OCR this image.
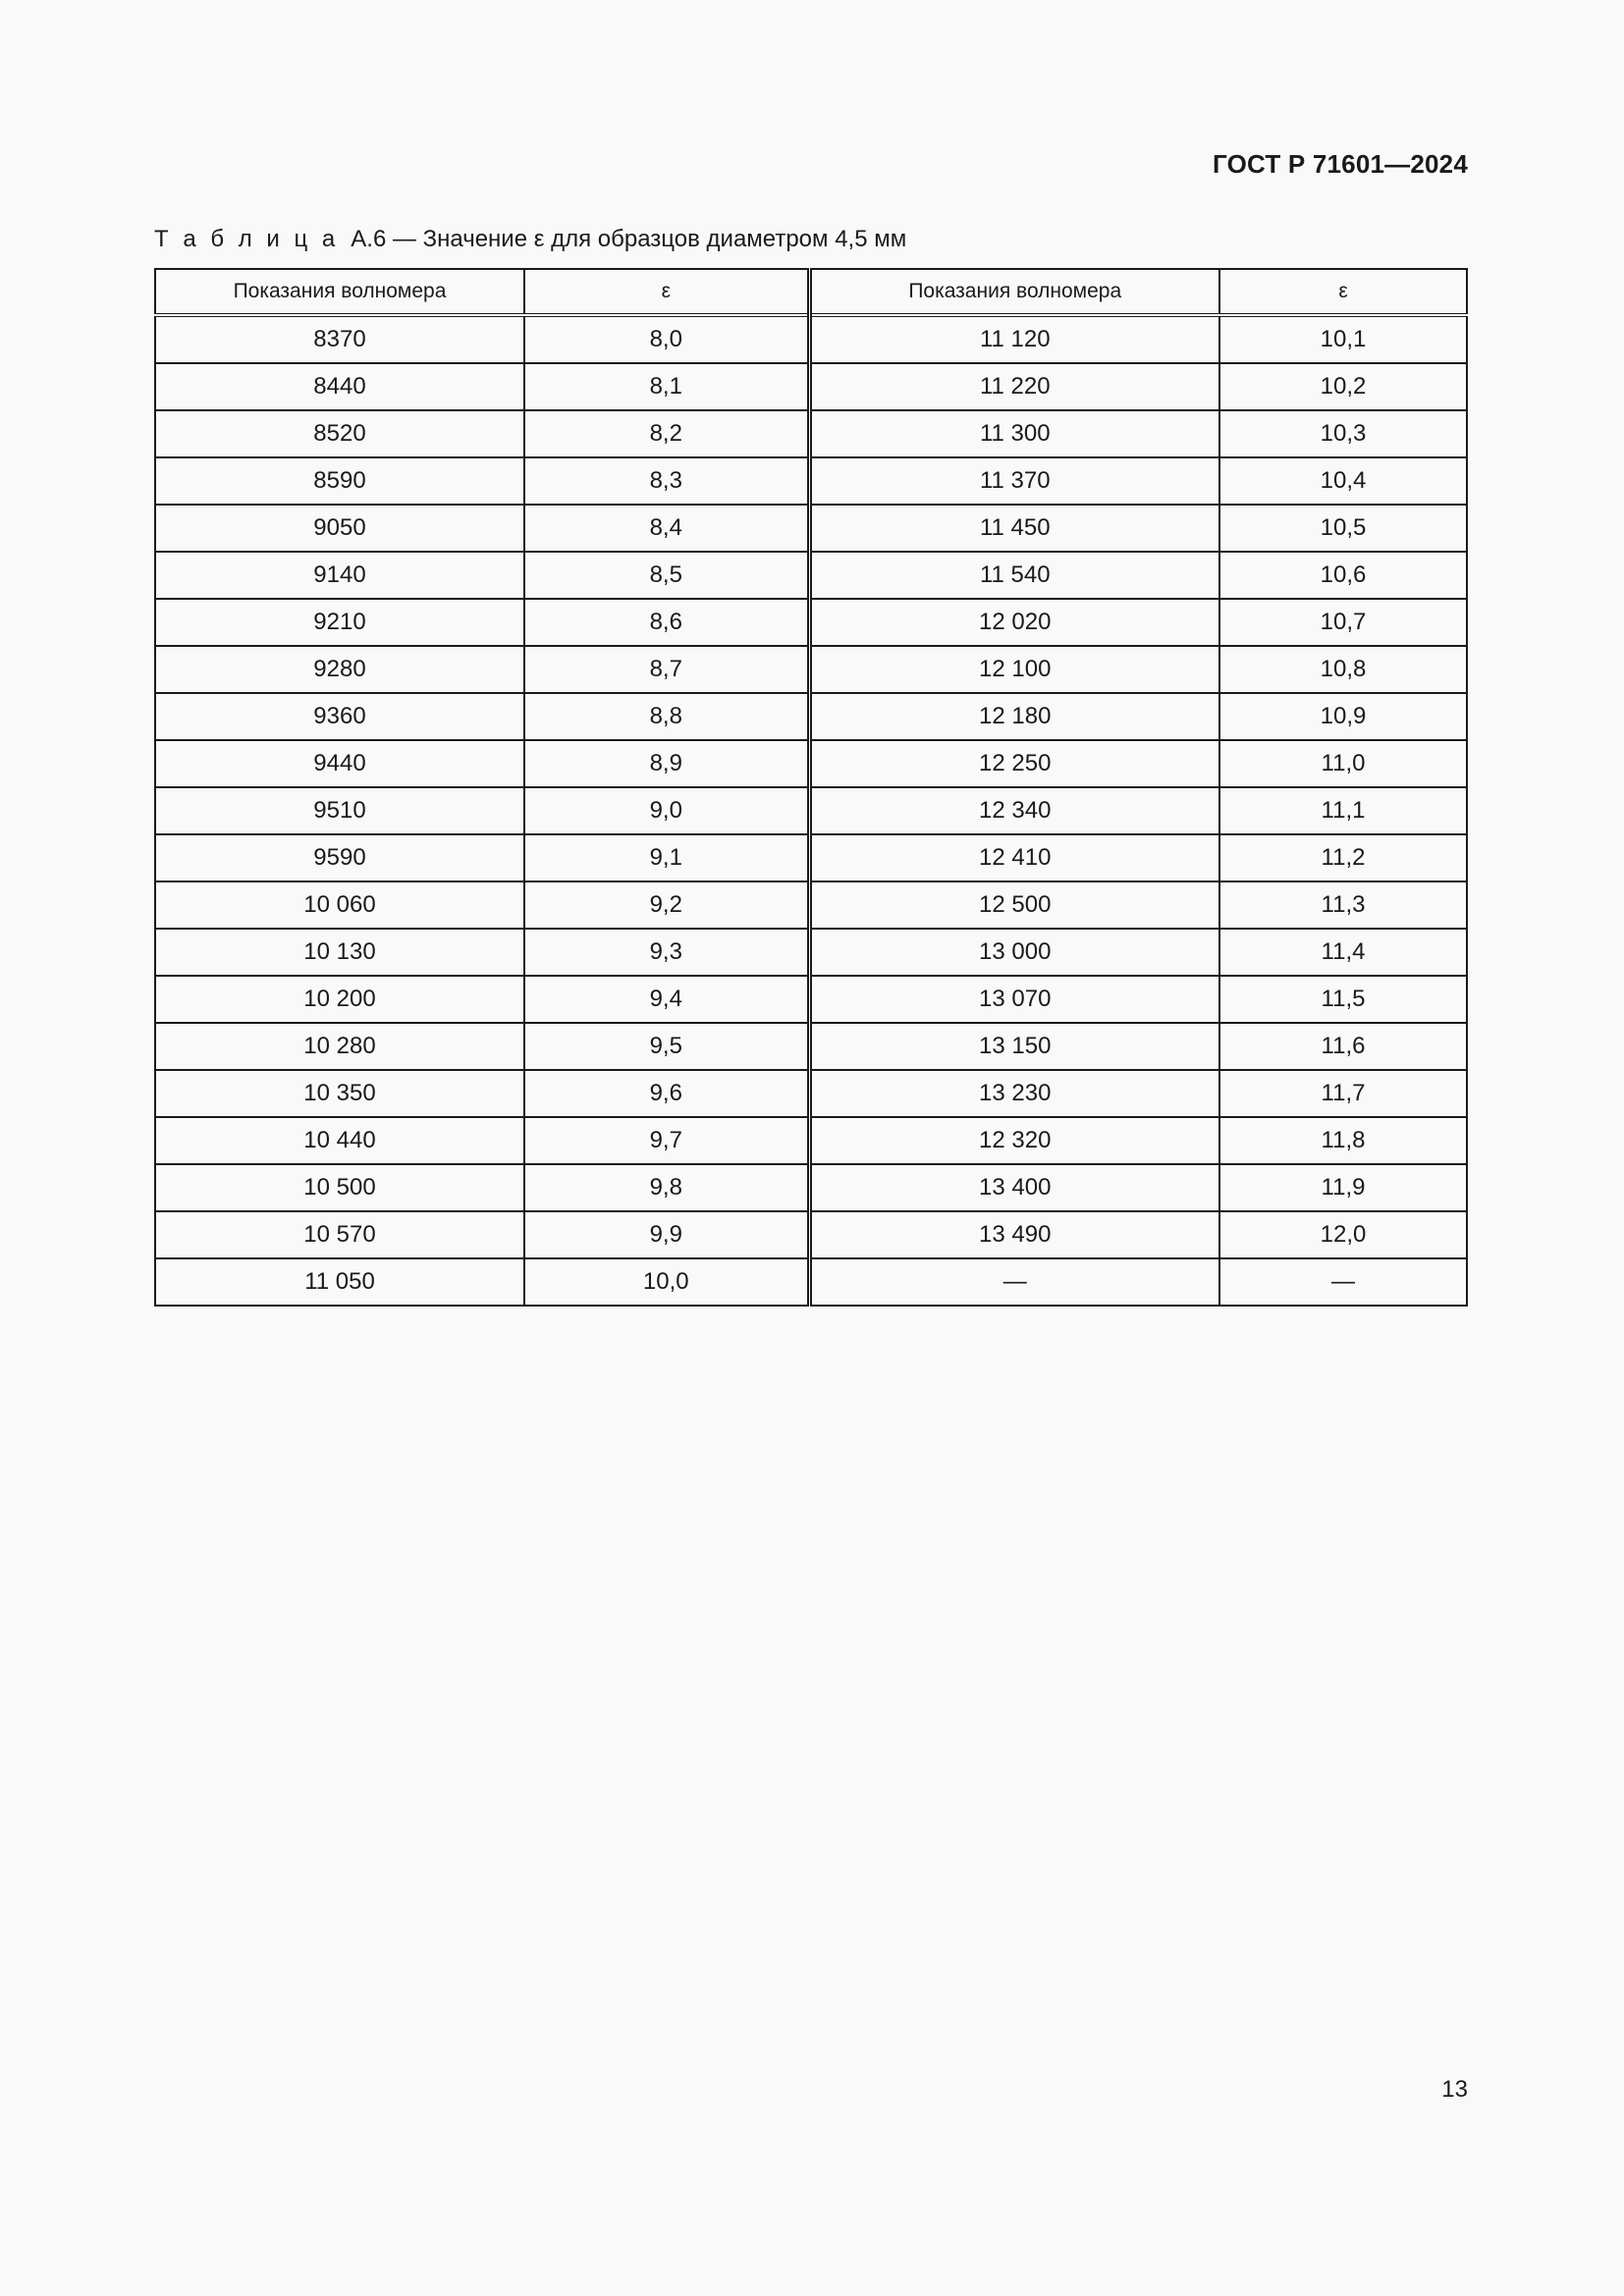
ГОСТ Р 71601—2024
Т а б л и ц а А.6 — Значение ε для образцов диаметром 4,5 мм
Показания волномера	ε	Показания волномера	ε
8370	8,0	11 120	10,1
8440	8,1	11 220	10,2
8520	8,2	11 300	10,3
8590	8,3	11 370	10,4
9050	8,4	11 450	10,5
9140	8,5	11 540	10,6
9210	8,6	12 020	10,7
9280	8,7	12 100	10,8
9360	8,8	12 180	10,9
9440	8,9	12 250	11,0
9510	9,0	12 340	11,1
9590	9,1	12 410	11,2
10 060	9,2	12 500	11,3
10 130	9,3	13 000	11,4
10 200	9,4	13 070	11,5
10 280	9,5	13 150	11,6
10 350	9,6	13 230	11,7
10 440	9,7	12 320	11,8
10 500	9,8	13 400	11,9
10 570	9,9	13 490	12,0
11 050	10,0	—	—
13
